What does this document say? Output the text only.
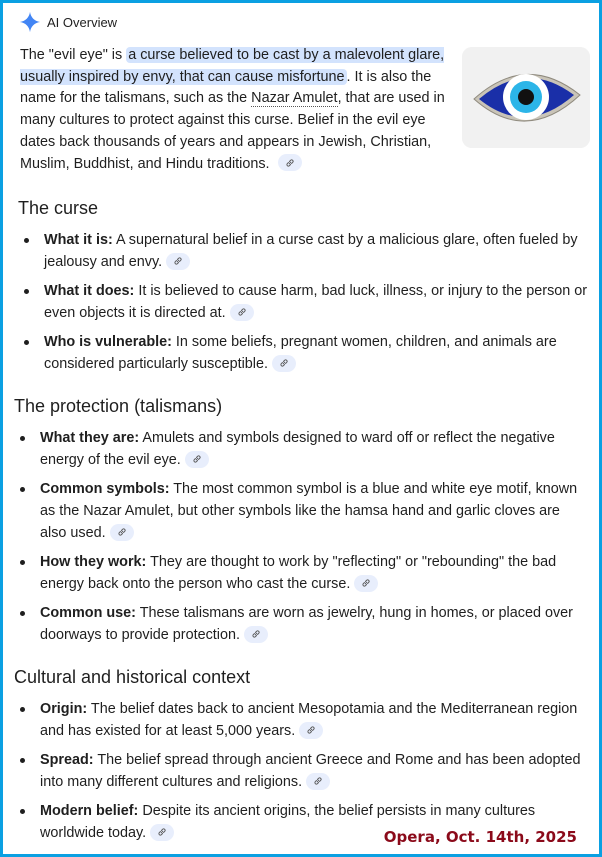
AI Overview
The "evil eye" is a curse believed to be cast by a malevolent glare, usually inspired by envy, that can cause misfortune . It is also the name for the talismans, such as the Nazar Amulet, that are used in many cultures to protect against this curse. Belief in the evil eye dates back thousands of years and appears in Jewish, Christian, Muslim, Buddhist, and Hindu traditions.
The curse
What it is: A supernatural belief in a curse cast by a malicious glare, often fueled by jealousy and envy.
What it does: It is believed to cause harm, bad luck, illness, or injury to the person or even objects it is directed at.
Who is vulnerable: In some beliefs, pregnant women, children, and animals are considered particularly susceptible.
The protection (talismans)
What they are: Amulets and symbols designed to ward off or reflect the negative energy of the evil eye.
Common symbols: The most common symbol is a blue and white eye motif, known as the Nazar Amulet, but other symbols like the hamsa hand and garlic cloves are also used.
How they work: They are thought to work by "reflecting" or "rebounding" the bad energy back onto the person who cast the curse.
Common use: These talismans are worn as jewelry, hung in homes, or placed over doorways to provide protection.
Cultural and historical context
Origin: The belief dates back to ancient Mesopotamia and the Mediterranean region and has existed for at least 5,000 years.
Spread: The belief spread through ancient Greece and Rome and has been adopted into many different cultures and religions.
Modern belief: Despite its ancient origins, the belief persists in many cultures worldwide today.	Opera, Oct. 14th, 2025
